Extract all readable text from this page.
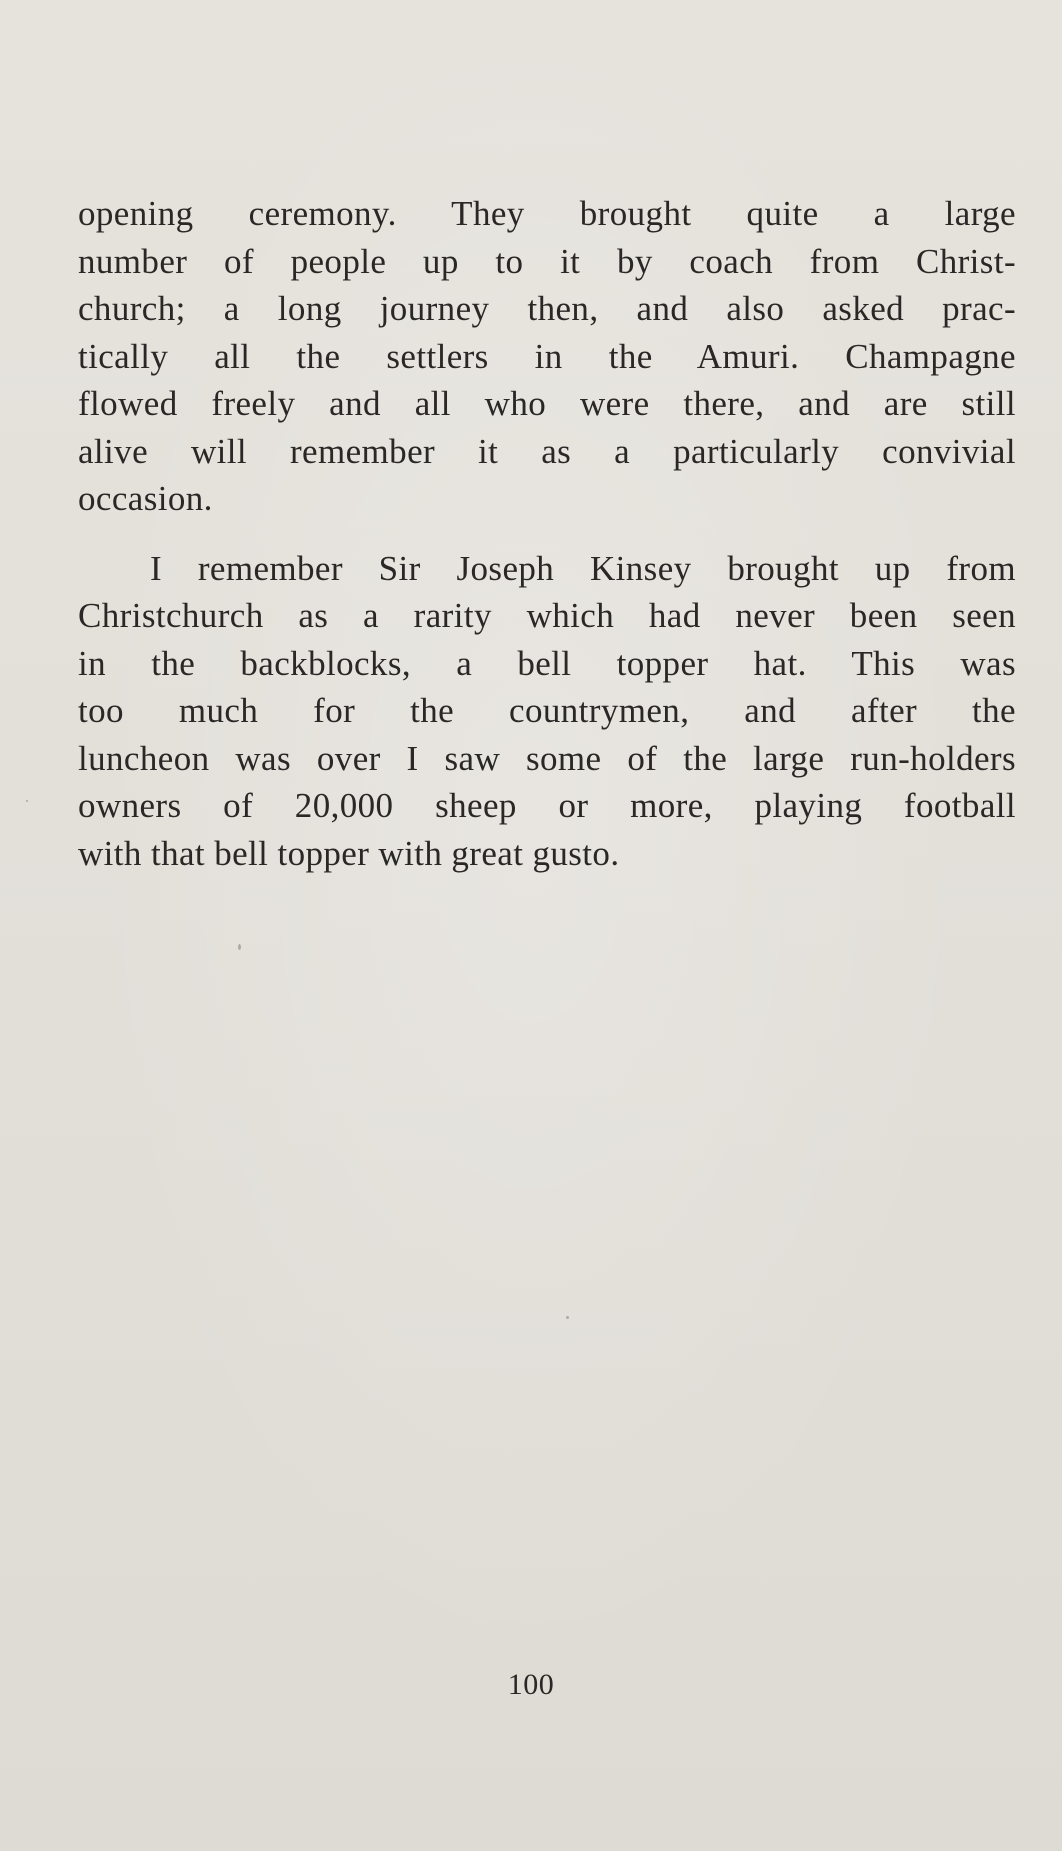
opening ceremony. They brought quite a large
number of people up to it by coach from Christ-
church; a long journey then, and also asked prac-
tically all the settlers in the Amuri. Champagne
flowed freely and all who were there, and are still
alive will remember it as a particularly convivial
occasion.
I remember Sir Joseph Kinsey brought up from
Christchurch as a rarity which had never been seen
in the backblocks, a bell topper hat. This was
too much for the countrymen, and after the
luncheon was over I saw some of the large run-holders
owners of 20,000 sheep or more, playing football
with that bell topper with great gusto.
100
